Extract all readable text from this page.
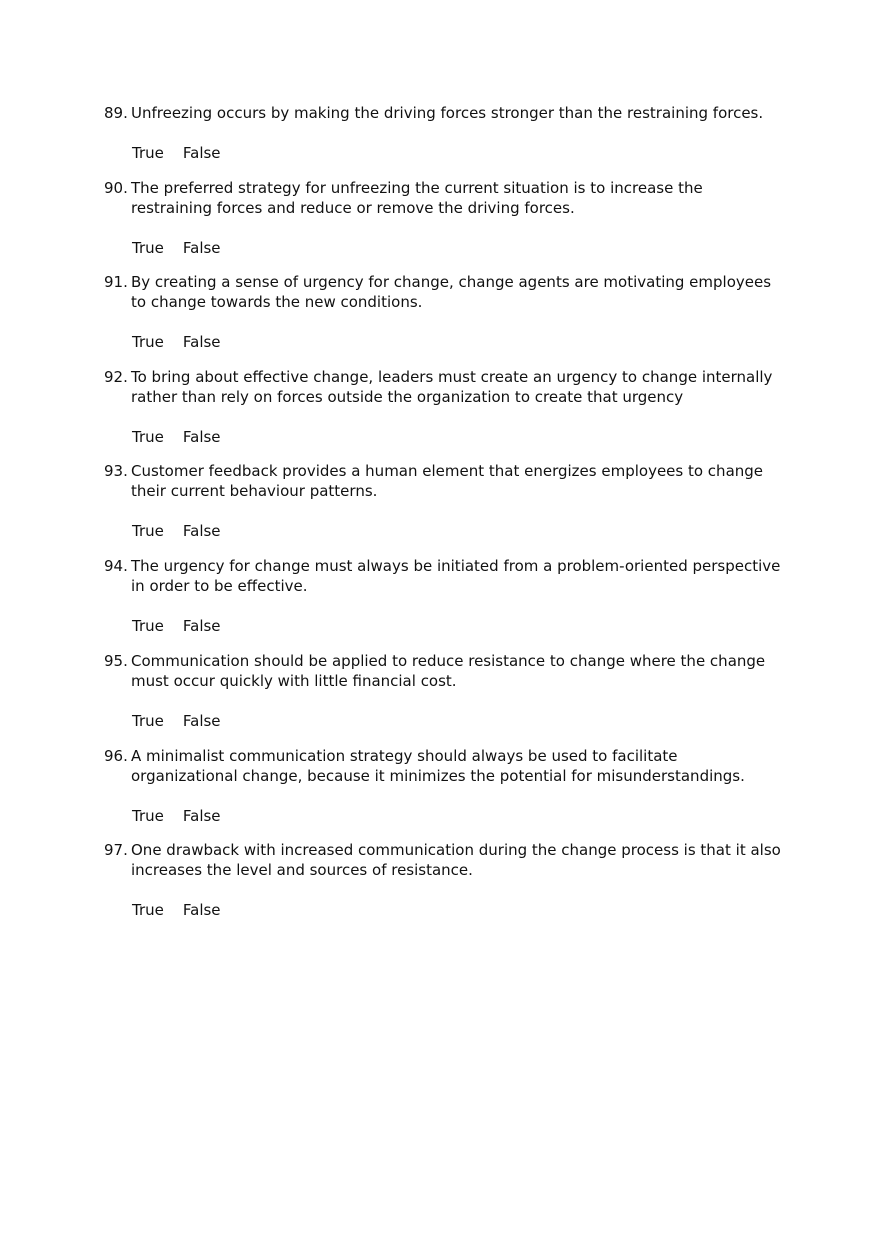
89. Unfreezing occurs by making the driving forces stronger than the restraining forces.
True False
90. The preferred strategy for unfreezing the current situation is to increase the restraining forces and reduce or remove the driving forces.
True False
91. By creating a sense of urgency for change, change agents are motivating employees to change towards the new conditions.
True False
92. To bring about effective change, leaders must create an urgency to change internally rather than rely on forces outside the organization to create that urgency
True False
93. Customer feedback provides a human element that energizes employees to change their current behaviour patterns.
True False
94. The urgency for change must always be initiated from a problem-oriented perspective in order to be effective.
True False
95. Communication should be applied to reduce resistance to change where the change must occur quickly with little financial cost.
True False
96. A minimalist communication strategy should always be used to facilitate organizational change, because it minimizes the potential for misunderstandings.
True False
97. One drawback with increased communication during the change process is that it also increases the level and sources of resistance.
True False
